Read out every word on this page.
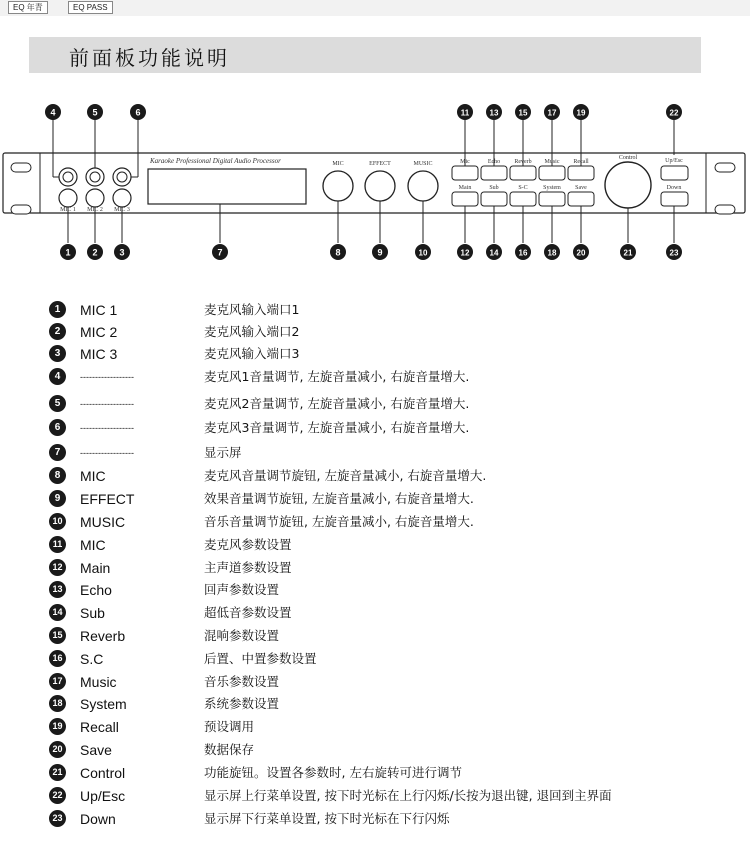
EQ 年青	EQ PASS
前面板功能说明
MIC 1 MIC 2 MIC 3
Karaoke Professional Digital Audio Processor	MIC	EFFECT	MUSIC	Mic	Echo Reverb Music Recall
Main	Sub	S-C	System Save
Control	Up/Esc
Down
4	5	6	11	13	15	17	19	22
1 2 3	7	8	9	10	12	14	16	18	20	21	23
1	MIC 1	麦克风输入端口1
2	MIC 2	麦克风输入端口2
3	MIC 3	麦克风输入端口3
4	------------------	麦克风1音量调节, 左旋音量减小, 右旋音量增大.
5	------------------	麦克风2音量调节, 左旋音量减小, 右旋音量增大.
6	------------------	麦克风3音量调节, 左旋音量减小, 右旋音量增大.
7	------------------	显示屏
8	MIC	麦克风音量调节旋钮, 左旋音量减小, 右旋音量增大.
9	EFFECT	效果音量调节旋钮, 左旋音量减小, 右旋音量增大.
10 MUSIC	音乐音量调节旋钮, 左旋音量减小, 右旋音量增大.
11 MIC	麦克风参数设置
12 Main	主声道参数设置
13 Echo	回声参数设置
14 Sub	超低音参数设置
15 Reverb	混响参数设置
16 S.C	后置、中置参数设置
17 Music	音乐参数设置
18 System	系统参数设置
19 Recall	预设调用
20 Save	数据保存
21 Control	功能旋钮。设置各参数时, 左右旋转可进行调节
22 Up/Esc	显示屏上行菜单设置, 按下时光标在上行闪烁/长按为退出键, 退回到主界面
23 Down	显示屏下行菜单设置, 按下时光标在下行闪烁
